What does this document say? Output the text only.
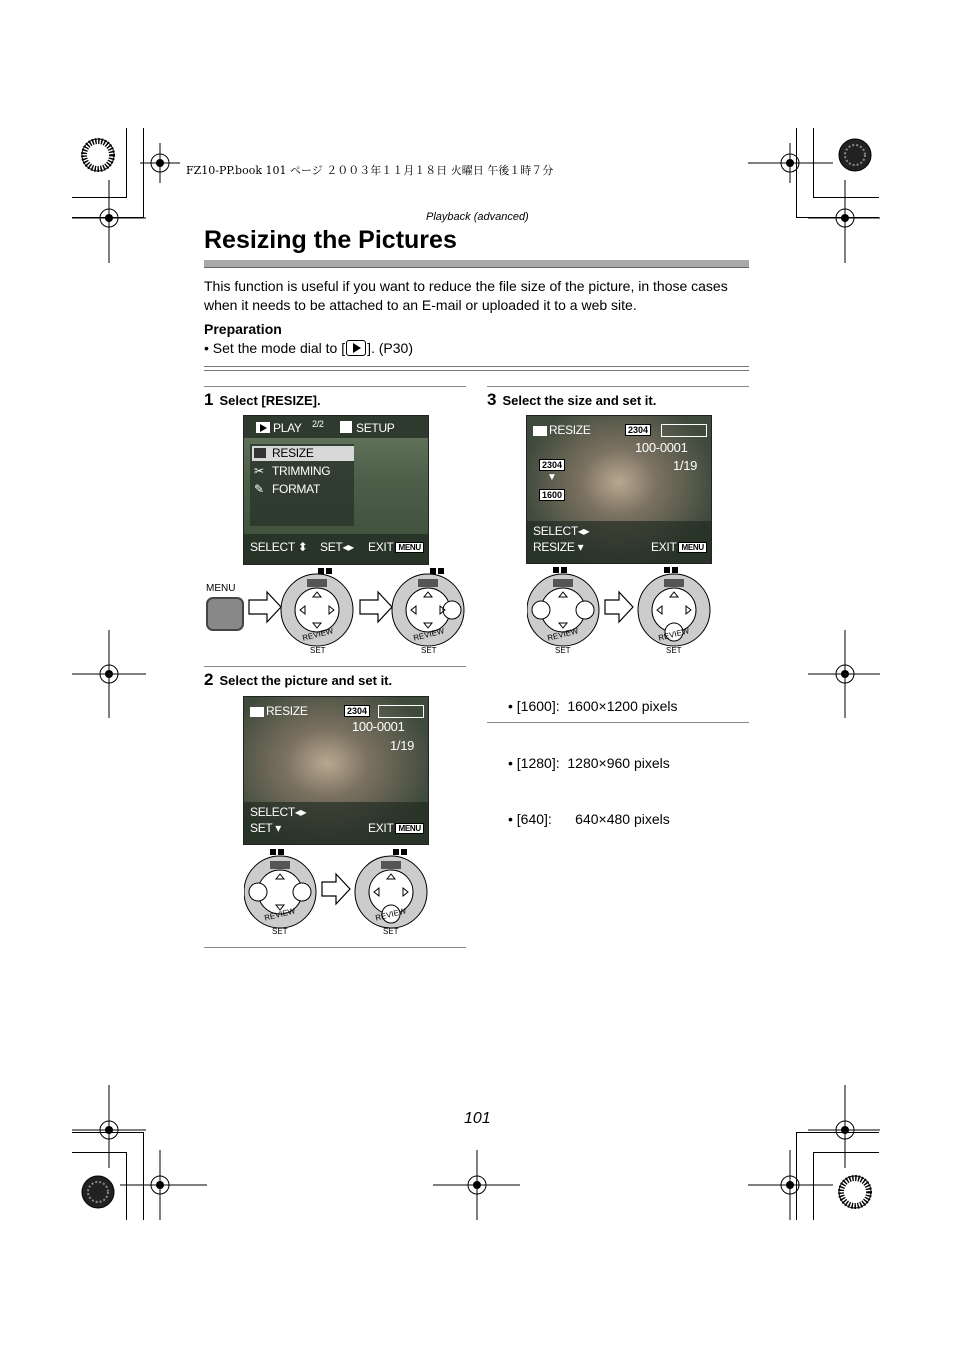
FZ10-PP.book 101 ページ ２００３年１１月１８日 火曜日 午後１時７分
Playback (advanced)
Resizing the Pictures
This function is useful if you want to reduce the file size of the picture, in those cases when it needs to be attached to an E-mail or uploaded it to a web site.
Preparation
• Set the mode dial to [ ]. (P30)
1 Select [RESIZE].
PLAY 2/2	SETUP
RESIZE
✂ TRIMMING
✎ FORMAT
SELECT ⬍ SET◂▸ EXIT MENU
MENU
REVIEW
SET
REVIEW
SET
2 Select the picture and set it.
RESIZE	2304
100-0001
1/19
SELECT◂▸
SET ▾	EXIT MENU
REVIEW
SET
REVIEW
SET
3 Select the size and set it.
RESIZE	2304
100-0001
1/19
2304
▼
1600
SELECT◂▸
RESIZE ▾	EXIT MENU
REVIEW
SET
REVIEW
SET

• [1600]:  1600×1200 pixels

• [1280]:  1280×960 pixels

• [640]:      640×480 pixels

101
